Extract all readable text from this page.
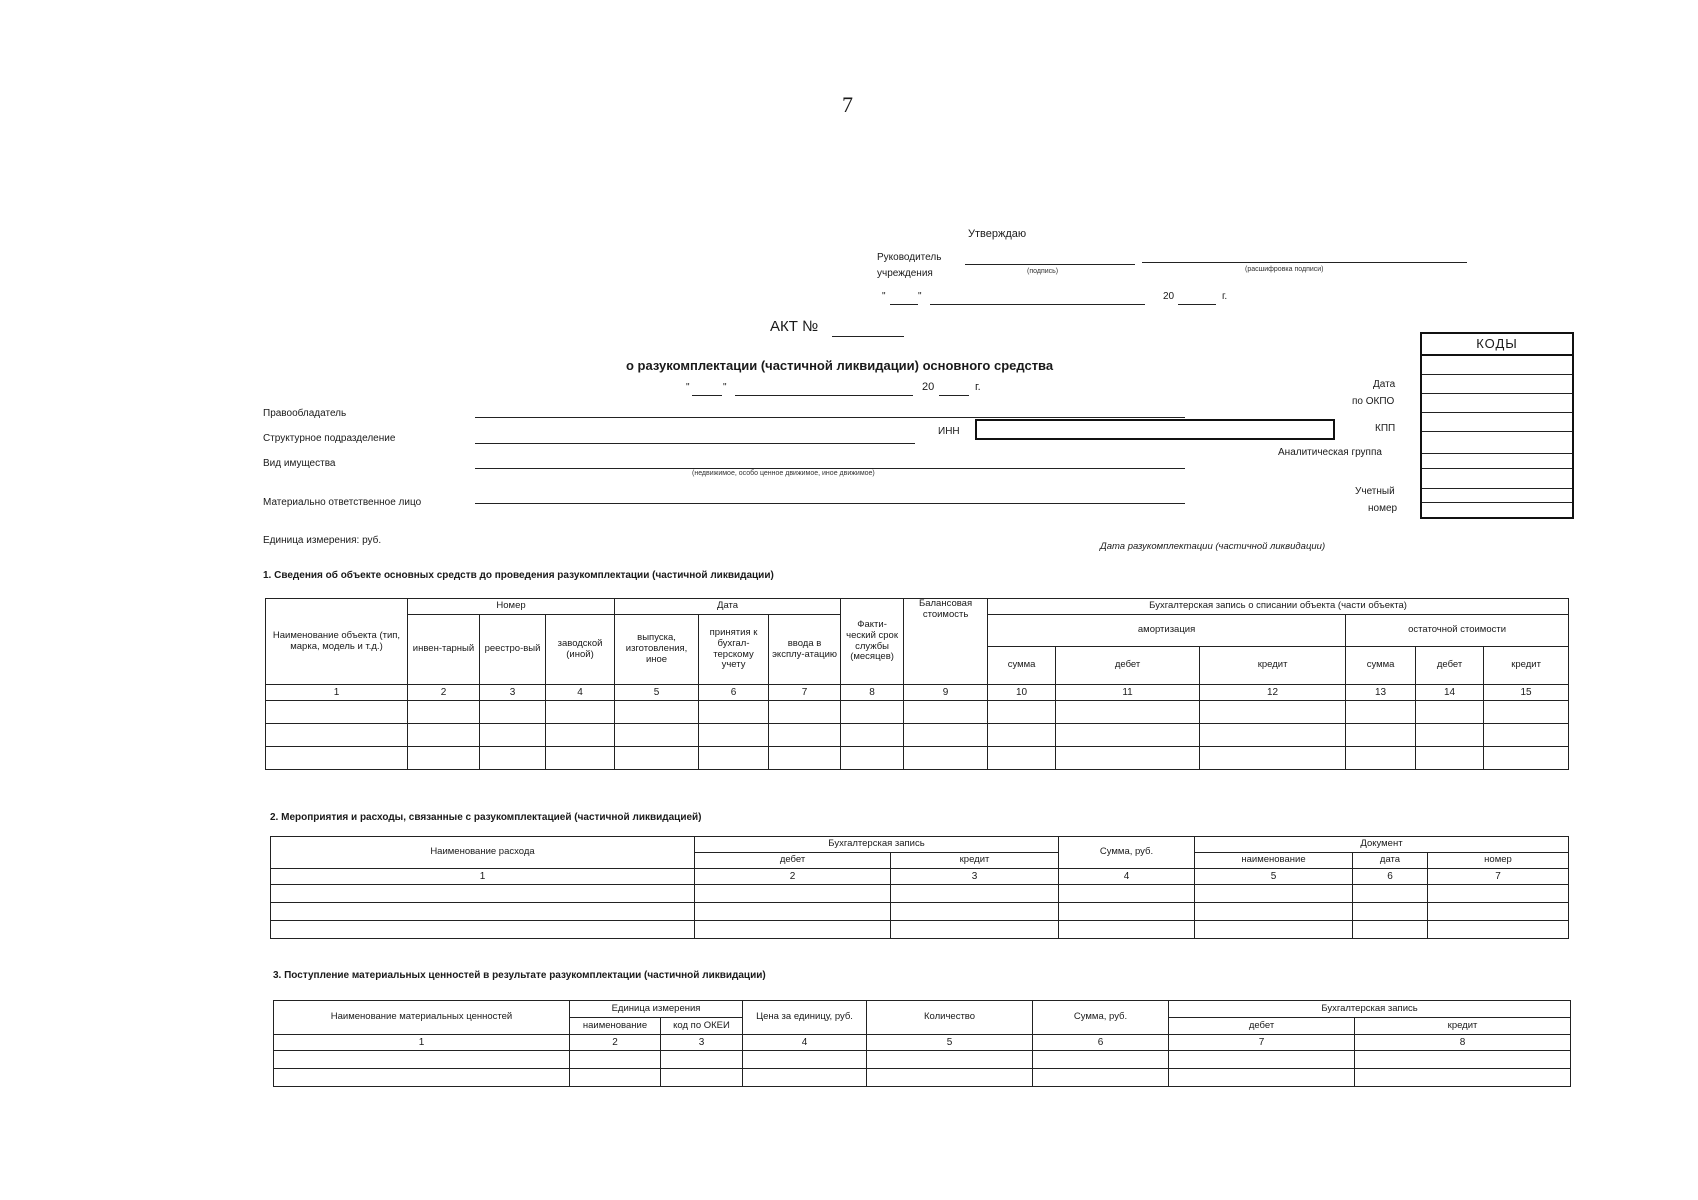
7
Утверждаю
Руководитель
учреждения	(подпись)	(расшифровка подписи)
"	"	20	г.
АКТ №
о разукомплектации (частичной ликвидации) основного средства
"	"	20	г.
Правообладатель
Структурное подразделение
ИНН
Вид имущества
(недвижимое, особо ценное движимое, иное движимое)
Материально ответственное лицо
Единица измерения: руб.
Дата
по ОКПО
КПП
Аналитическая группа
Учетный
номер
Дата разукомплектации (частичной ликвидации)
КОДЫ
1. Сведения об объекте основных средств до проведения разукомплектации (частичной ликвидации)
Наименование объекта (тип, марка, модель и т.д.)	Номер			Дата			Факти-ческий срок службы (месяцев)	Балансовая стоимость	Бухгалтерская запись о списании объекта (части объекта)					
	инвен-тарный	реестро-вый	заводской (иной)	выпуска, изготовления, иное	принятия к бухгал-терскому учету	ввода в эксплу-атацию			амортизация			остаточной стоимости		
									сумма	дебет	кредит	сумма	дебет	кредит
1	2	3	4	5	6	7	8	9	10	11	12	13	14	15

2. Мероприятия и расходы, связанные с разукомплектацией (частичной ликвидацией)
Наименование расхода	Бухгалтерская запись		Сумма, руб.	Документ		
	дебет	кредит		наименование	дата	номер
1	2	3	4	5	6	7

3. Поступление материальных ценностей в результате разукомплектации (частичной ликвидации)
Наименование материальных ценностей	Единица измерения		Цена за единицу, руб.	Количество	Сумма, руб.	Бухгалтерская запись	
	наименование	код по ОКЕИ				дебет	кредит
1	2	3	4	5	6	7	8
